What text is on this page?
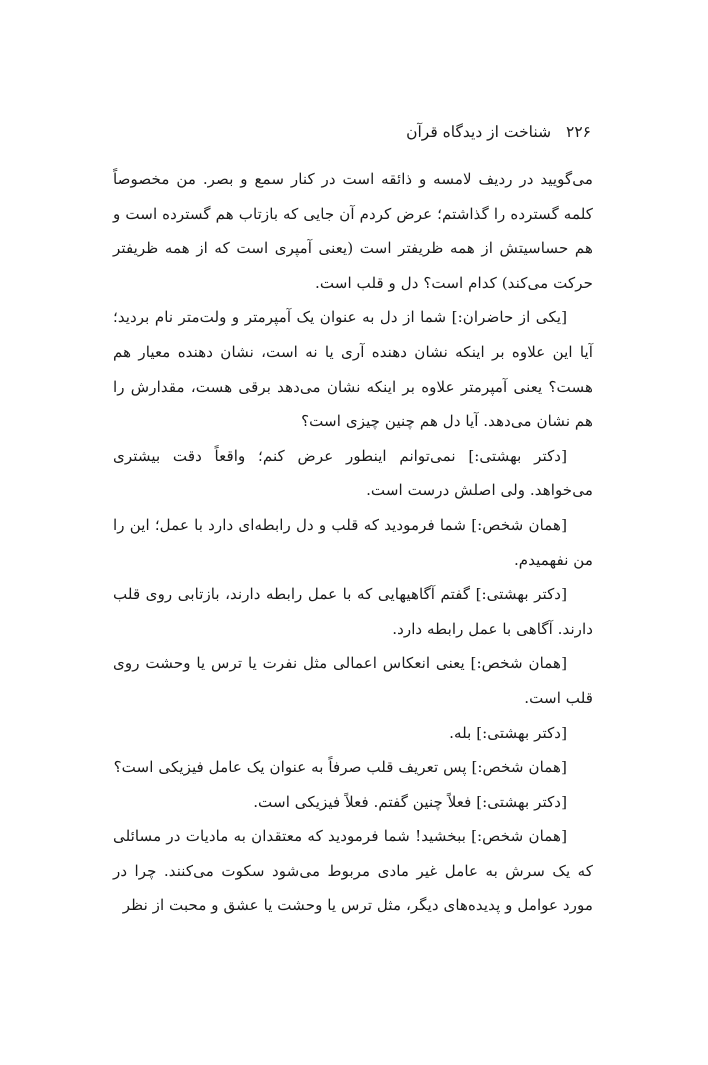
۲۲۶ شناخت از دیدگاه قرآن

می‌گویید در ردیف لامسه و ذائقه است در کنار سمع و بصر. من مخصوصاً کلمه گسترده را گذاشتم؛ عرض کردم آن جایی که بازتاب هم گسترده است و هم حساسیتش از همه ظریفتر است (یعنی آمپری است که از همه ظریفتر حرکت می‌کند) کدام است؟ دل و قلب است.

[یکی از حاضران:] شما از دل به عنوان یک آمپرمتر و ولت‌متر نام بردید؛ آیا این علاوه بر اینکه نشان دهنده آری یا نه است، نشان دهنده معیار هم هست؟ یعنی آمپرمتر علاوه بر اینکه نشان می‌دهد برقی هست، مقدارش را هم نشان می‌دهد. آیا دل هم چنین چیزی است؟

[دکتر بهشتی:] نمی‌توانم اینطور عرض کنم؛ واقعاً دقت بیشتری می‌خواهد. ولی اصلش درست است.

[همان شخص:] شما فرمودید که قلب و دل رابطه‌ای دارد با عمل؛ این را من نفهمیدم.

[دکتر بهشتی:] گفتم آگاهیهایی که با عمل رابطه دارند، بازتابی روی قلب دارند. آگاهی با عمل رابطه دارد.

[همان شخص:] یعنی انعکاس اعمالی مثل نفرت یا ترس یا وحشت روی قلب است.

[دکتر بهشتی:] بله.

[همان شخص:] پس تعریف قلب صرفاً به عنوان یک عامل فیزیکی است؟

[دکتر بهشتی:] فعلاً چنین گفتم. فعلاً فیزیکی است.

[همان شخص:] ببخشید! شما فرمودید که معتقدان به مادیات در مسائلی که یک سرش به عامل غیر مادی مربوط می‌شود سکوت می‌کنند. چرا در مورد عوامل و پدیده‌های دیگر، مثل ترس یا وحشت یا عشق و محبت از نظر
